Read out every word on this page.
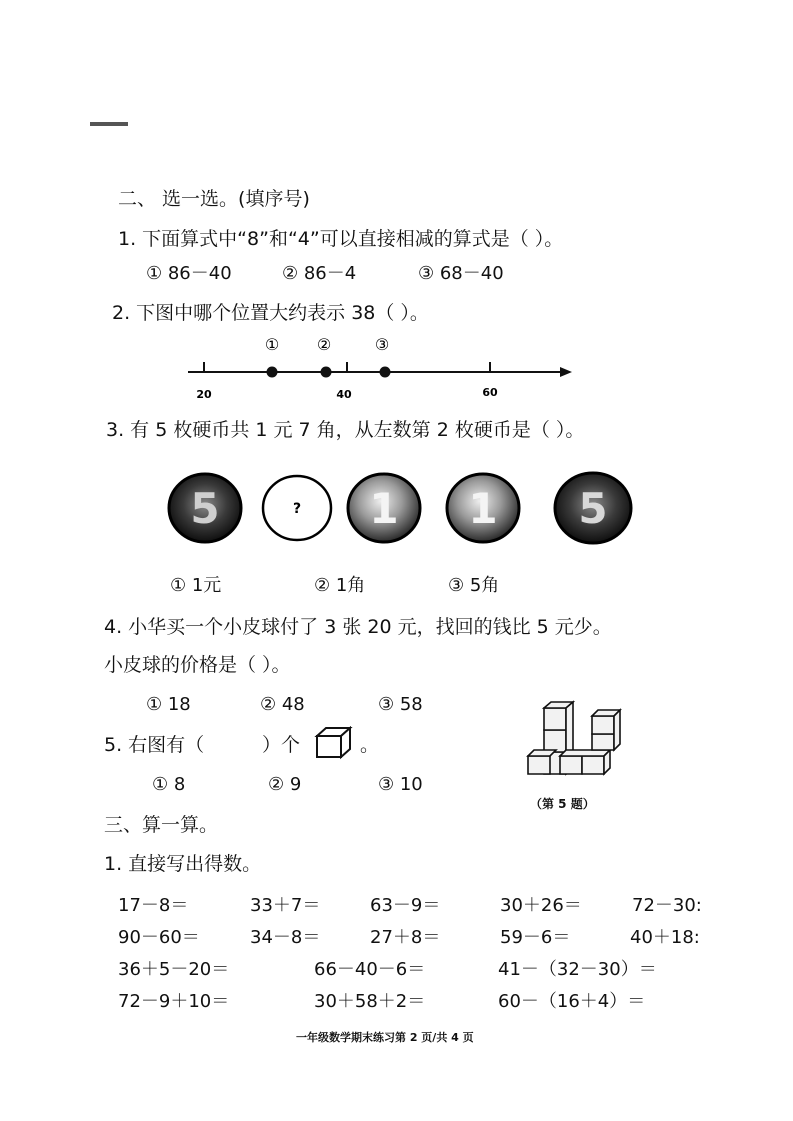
二、 选一选。(填序号)
1. 下面算式中“8”和“4”可以直接相减的算式是（ ）。
① 86－40	② 86－4	③ 68－40
2. 下图中哪个位置大约表示 38（ ）。
① ②	③
20	40	60
3. 有 5 枚硬币共 1 元 7 角，从左数第 2 枚硬币是（ ）。
5	? 1 1 5
① 1元	② 1角	③ 5角
4. 小华买一个小皮球付了 3 张 20 元，找回的钱比 5 元少。
小皮球的价格是（ ）。
① 18	② 48	③ 58
5. 右图有（	）个	。
① 8	② 9	③ 10
（第 5 题）
三、算一算。
1. 直接写出得数。
17－8＝	33＋7＝	63－9＝	30＋26＝	72－30:
90－60＝	34－8＝	27＋8＝	59－6＝	40＋18:
36＋5－20＝	66－40－6＝	41－（32－30）＝
72－9＋10＝	30＋58＋2＝	60－（16＋4）＝
一年级数学期末练习第 2 页/共 4 页
